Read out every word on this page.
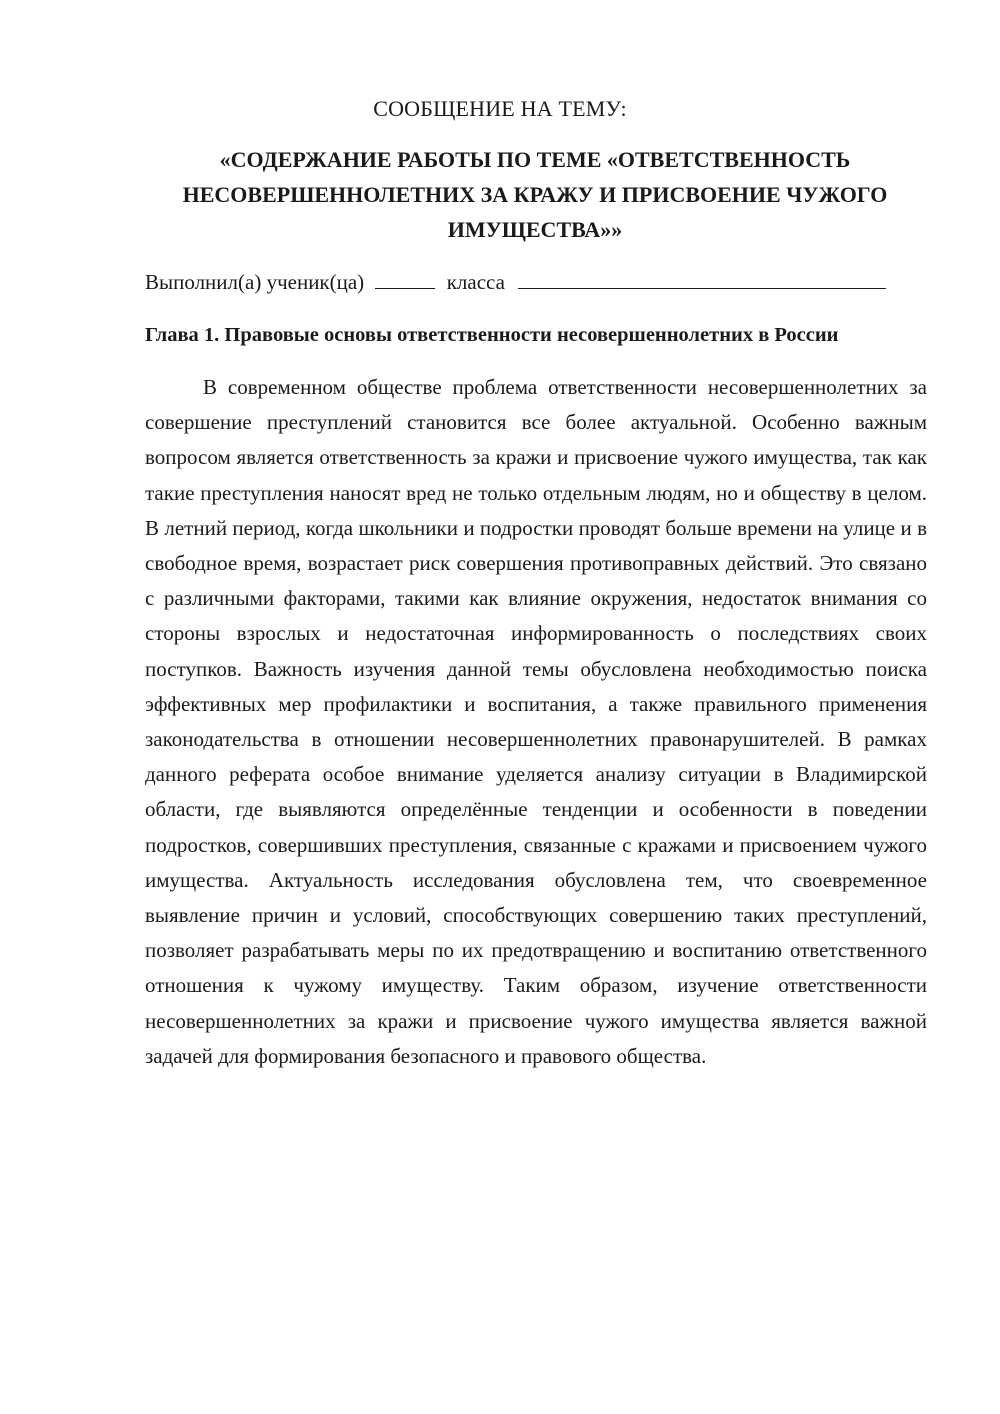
СООБЩЕНИЕ НА ТЕМУ:

«СОДЕРЖАНИЕ РАБОТЫ ПО ТЕМЕ «ОТВЕТСТВЕННОСТЬ НЕСОВЕРШЕННОЛЕТНИХ ЗА КРАЖУ И ПРИСВОЕНИЕ ЧУЖОГО ИМУЩЕСТВА»»
Выполнил(а) ученик(ца)	класса
Глава 1. Правовые основы ответственности несовершеннолетних в России

В современном обществе проблема ответственности несовершеннолетних за совершение преступлений становится все более актуальной. Особенно важным вопросом является ответственность за кражи и присвоение чужого имущества, так как такие преступления наносят вред не только отдельным людям, но и обществу в целом. В летний период, когда школьники и подростки проводят больше времени на улице и в свободное время, возрастает риск совершения противоправных действий. Это связано с различными факторами, такими как влияние окружения, недостаток внимания со стороны взрослых и недостаточная информированность о последствиях своих поступков. Важность изучения данной темы обусловлена необходимостью поиска эффективных мер профилактики и воспитания, а также правильного применения законодательства в отношении несовершеннолетних правонарушителей. В рамках данного реферата особое внимание уделяется анализу ситуации в Владимирской области, где выявляются определённые тенденции и особенности в поведении подростков, совершивших преступления, связанные с кражами и присвоением чужого имущества. Актуальность исследования обусловлена тем, что своевременное выявление причин и условий, способствующих совершению таких преступлений, позволяет разрабатывать меры по их предотвращению и воспитанию ответственного отношения к чужому имуществу. Таким образом, изучение ответственности несовершеннолетних за кражи и присвоение чужого имущества является важной задачей для формирования безопасного и правового общества.
